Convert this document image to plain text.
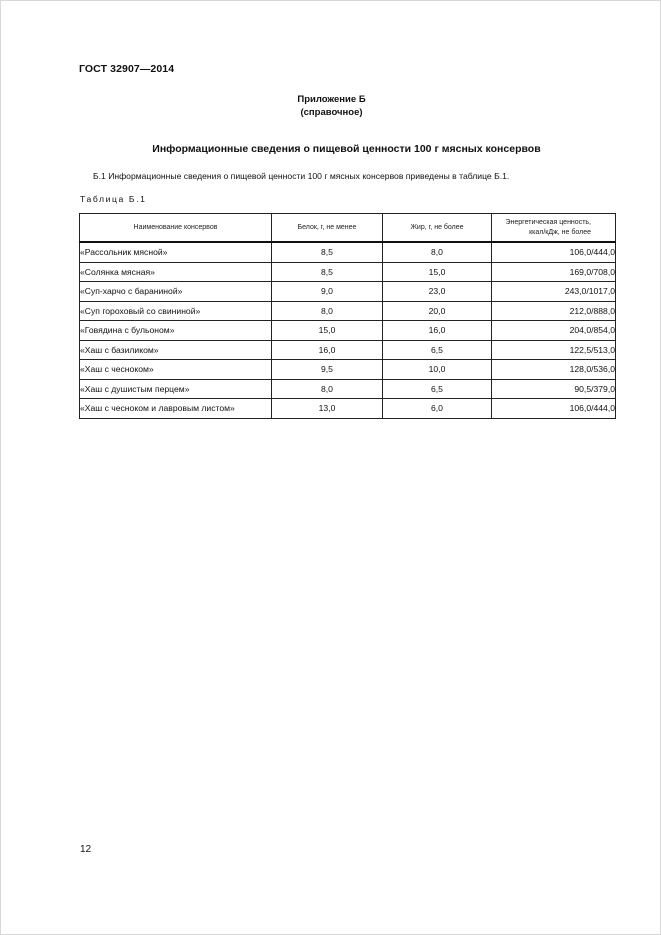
ГОСТ 32907—2014
Приложение Б
(справочное)
Информационные сведения о пищевой ценности 100 г мясных консервов
Б.1 Информационные сведения о пищевой ценности 100 г мясных консервов приведены в таблице Б.1.
Таблица Б.1
Наименование консервов	Белок, г, не менее	Жир, г, не более	Энергетическая ценность,
ккал/кДж, не более

«Рассольник мясной»	8,5	8,0	106,0/444,0
«Солянка мясная»	8,5	15,0	169,0/708,0
«Суп-харчо с бараниной»	9,0	23,0	243,0/1017,0
«Суп гороховый со свининой»	8,0	20,0	212,0/888,0
«Говядина с бульоном»	15,0	16,0	204,0/854,0
«Хаш с базиликом»	16,0	6,5	122,5/513,0
«Хаш с чесноком»	9,5	10,0	128,0/536,0
«Хаш с душистым перцем»	8,0	6,5	90,5/379,0
«Хаш с чесноком и лавровым листом»	13,0	6,0	106,0/444,0
12
